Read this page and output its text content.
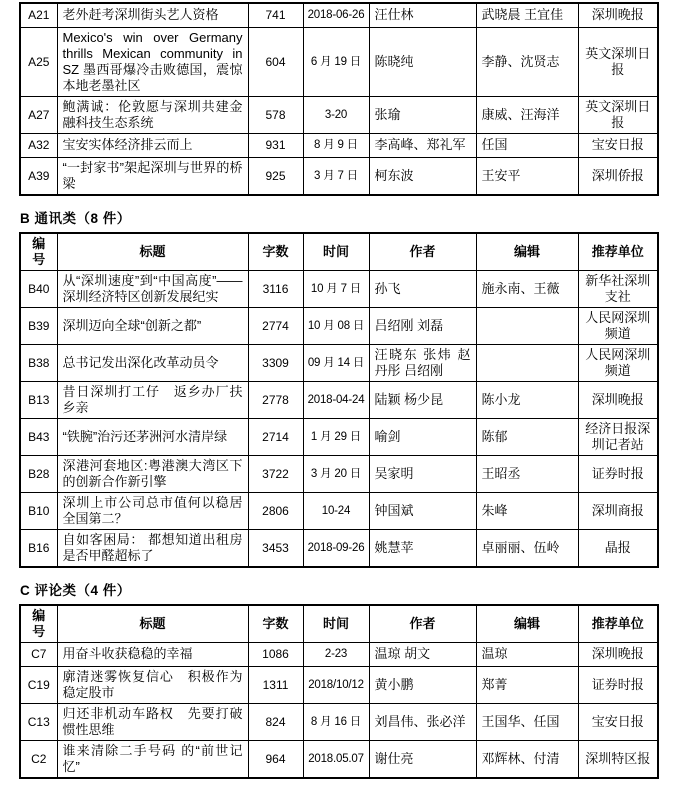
A21	老外赶考深圳街头艺人资格	741	2018-06-26	汪仕林	武晓晨 王宜佳	深圳晚报
A25	Mexico's win over Germany thrills Mexican community in SZ 墨西哥爆冷击败德国，震惊本地老墨社区	604	6 月 19 日	陈晓纯	李静、沈贤志	英文深圳日报
A27	鲍满诚：伦敦愿与深圳共建金融科技生态系统	578	3-20	张瑜	康威、汪海洋	英文深圳日报
A32	宝安实体经济排云而上	931	8 月 9 日	李高峰、郑礼军	任国	宝安日报
A39	“一封家书”架起深圳与世界的桥梁	925	3 月 7 日	柯东波	王安平	深圳侨报
B 通讯类（8 件）
编号	标题	字数	时间	作者	编辑	推荐单位
B40	从“深圳速度”到“中国高度”——深圳经济特区创新发展纪实	3116	10 月 7 日	孙飞	施永南、王薇	新华社深圳支社
B39	深圳迈向全球“创新之都”	2774	10 月 08 日	吕绍刚 刘磊		人民网深圳频道
B38	总书记发出深化改革动员令	3309	09 月 14 日	汪晓东 张炜 赵丹彤 吕绍刚		人民网深圳频道
B13	昔日深圳打工仔　返乡办厂扶乡亲	2778	2018-04-24	陆颖 杨少昆	陈小龙	深圳晚报
B43	“铁腕”治污还茅洲河水清岸绿	2714	1 月 29 日	喻剑	陈郁	经济日报深圳记者站
B28	深港河套地区:粤港澳大湾区下的创新合作新引擎	3722	3 月 20 日	吴家明	王昭丞	证券时报
B10	深圳上市公司总市值何以稳居全国第二？	2806	10-24	钟国斌	朱峰	深圳商报
B16	自如客困局： 都想知道出租房是否甲醛超标了	3453	2018-09-26	姚慧苹	卓丽丽、伍岭	晶报
C 评论类（4 件）
编号	标题	字数	时间	作者	编辑	推荐单位
C7	用奋斗收获稳稳的幸福	1086	2-23	温琼 胡文	温琼	深圳晚报
C19	廓清迷雾恢复信心　积极作为稳定股市	1311	2018/10/12	黄小鹏	郑菁	证券时报
C13	归还非机动车路权　先要打破惯性思维	824	8 月 16 日	刘昌伟、张必洋	王国华、任国	宝安日报
C2	谁来清除二手号码 的“前世记忆”	964	2018.05.07	谢仕亮	邓辉林、付清	深圳特区报
